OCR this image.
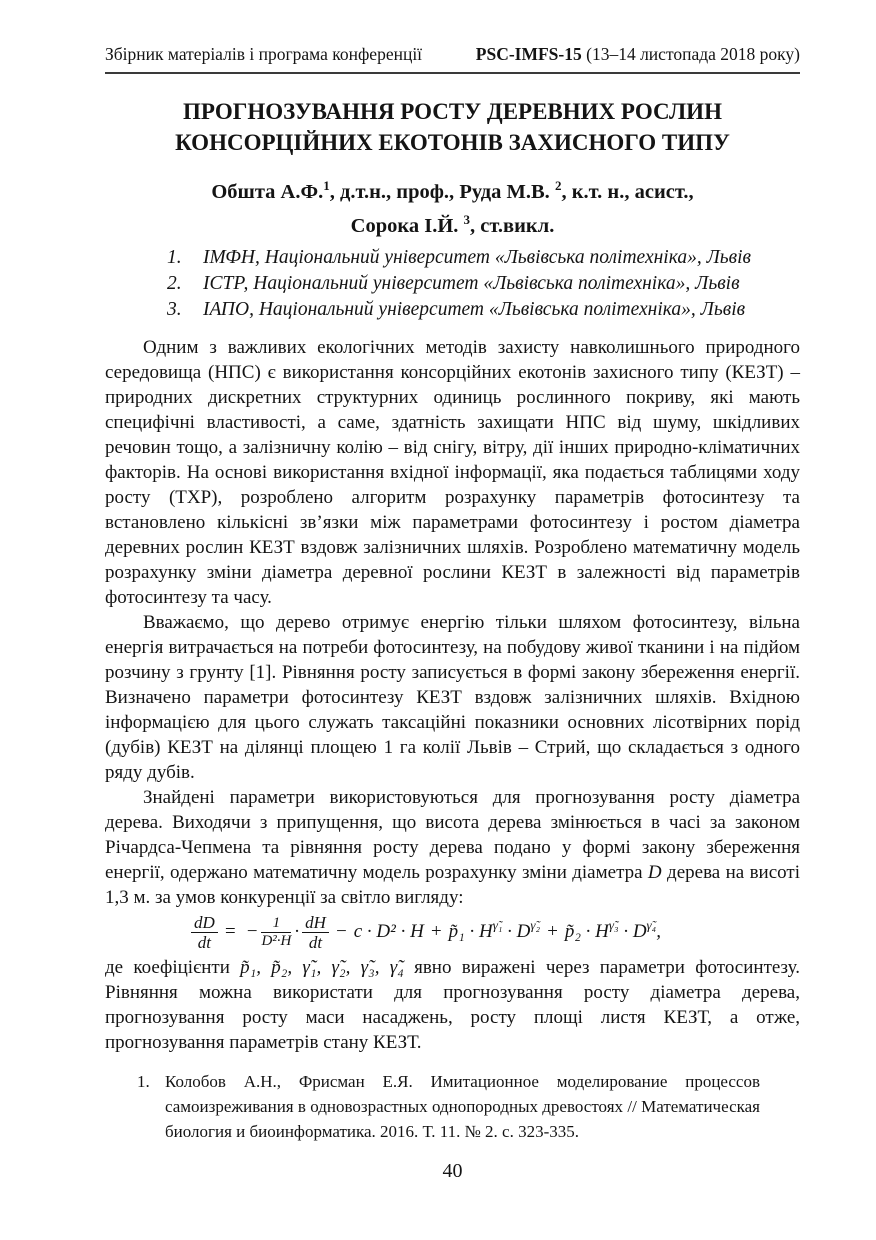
Збірник матеріалів і програма конференції	PSC-IMFS-15 (13–14 листопада 2018 року)
ПРОГНОЗУВАННЯ РОСТУ ДЕРЕВНИХ РОСЛИН КОНСОРЦІЙНИХ ЕКОТОНІВ ЗАХИСНОГО ТИПУ
Обшта А.Ф.$^1$, д.т.н., проф., Руда М.В. $^2$, к.т. н., асист.,
Сорока І.Й. $^3$, ст.викл.
1.	ІМФН, Національний університет «Львівська політехніка», Львів
2.	ІСТР, Національний університет «Львівська політехніка», Львів
3.	ІАПО, Національний університет «Львівська політехніка», Львів

Одним з важливих екологічних методів захисту навколишнього природного середовища (НПС) є використання консорційних екотонів захисного типу (КЕЗТ) – природних дискретних структурних одиниць рослинного покриву, які мають специфічні властивості, а саме, здатність захищати НПС від шуму, шкідливих речовин тощо, а залізничну колію – від снігу, вітру, дії інших природно-кліматичних факторів. На основі використання вхідної інформації, яка подається таблицями ходу росту (ТХР), розроблено алгоритм розрахунку параметрів фотосинтезу та встановлено кількісні зв’язки між параметрами фотосинтезу і ростом діаметра деревних рослин КЕЗТ вздовж залізничних шляхів. Розроблено математичну модель розрахунку зміни діаметра деревної рослини КЕЗТ в залежності від параметрів фотосинтезу та часу.

Вважаємо, що дерево отримує енергію тільки шляхом фотосинтезу, вільна енергія витрачається на потреби фотосинтезу, на побудову живої тканини і на підйом розчину з грунту [1]. Рівняння росту записується в формі закону збереження енергії. Визначено параметри фотосинтезу КЕЗТ вздовж залізничних шляхів. Вхідною інформацією для цього служать таксаційні показники основних лісотвірних порід (дубів) КЕЗТ на ділянці площею 1 га колії Львів – Стрий, що складається з одного ряду дубів.

Знайдені параметри використовуються для прогнозування росту діаметра дерева. Виходячи з припущення, що висота дерева змінюється в часі за законом Річардса-Чепмена та рівняння росту дерева подано у формі закону збереження енергії, одержано математичну модель розрахунку зміни діаметра D дерева на висоті 1,3 м. за умов конкуренції за світло вигляду:

$\frac{dD}{dt}$ = − $\frac{1}{\text{D²·H}} \cdot \frac{dH}{dt} - c \cdot D^2 \cdot H$ + p̃₁ · $H^{\gammã_1} \cdot D^{\gammã_2}$ + p̃₂ · $H^{\gammã_3} \cdot D^{\gammã_4}$,

де коефіцієнти p̃₁, p̃₂, γ̃₁, γ̃₂, γ̃₃, γ̃₄ явно виражені через параметри фотосинтезу. Рівняння можна використати для прогнозування росту діаметра дерева, прогнозування росту маси насаджень, росту площі листя КЕЗТ, а отже, прогнозування параметрів стану КЕЗТ.

1. Колобов А.Н., Фрисман Е.Я. Имитационное моделирование процессов самоизреживания в одновозрастных однопородных древостоях // Математическая биология и биоинформатика. 2016. Т. 11. № 2. с. 323-335.
40
